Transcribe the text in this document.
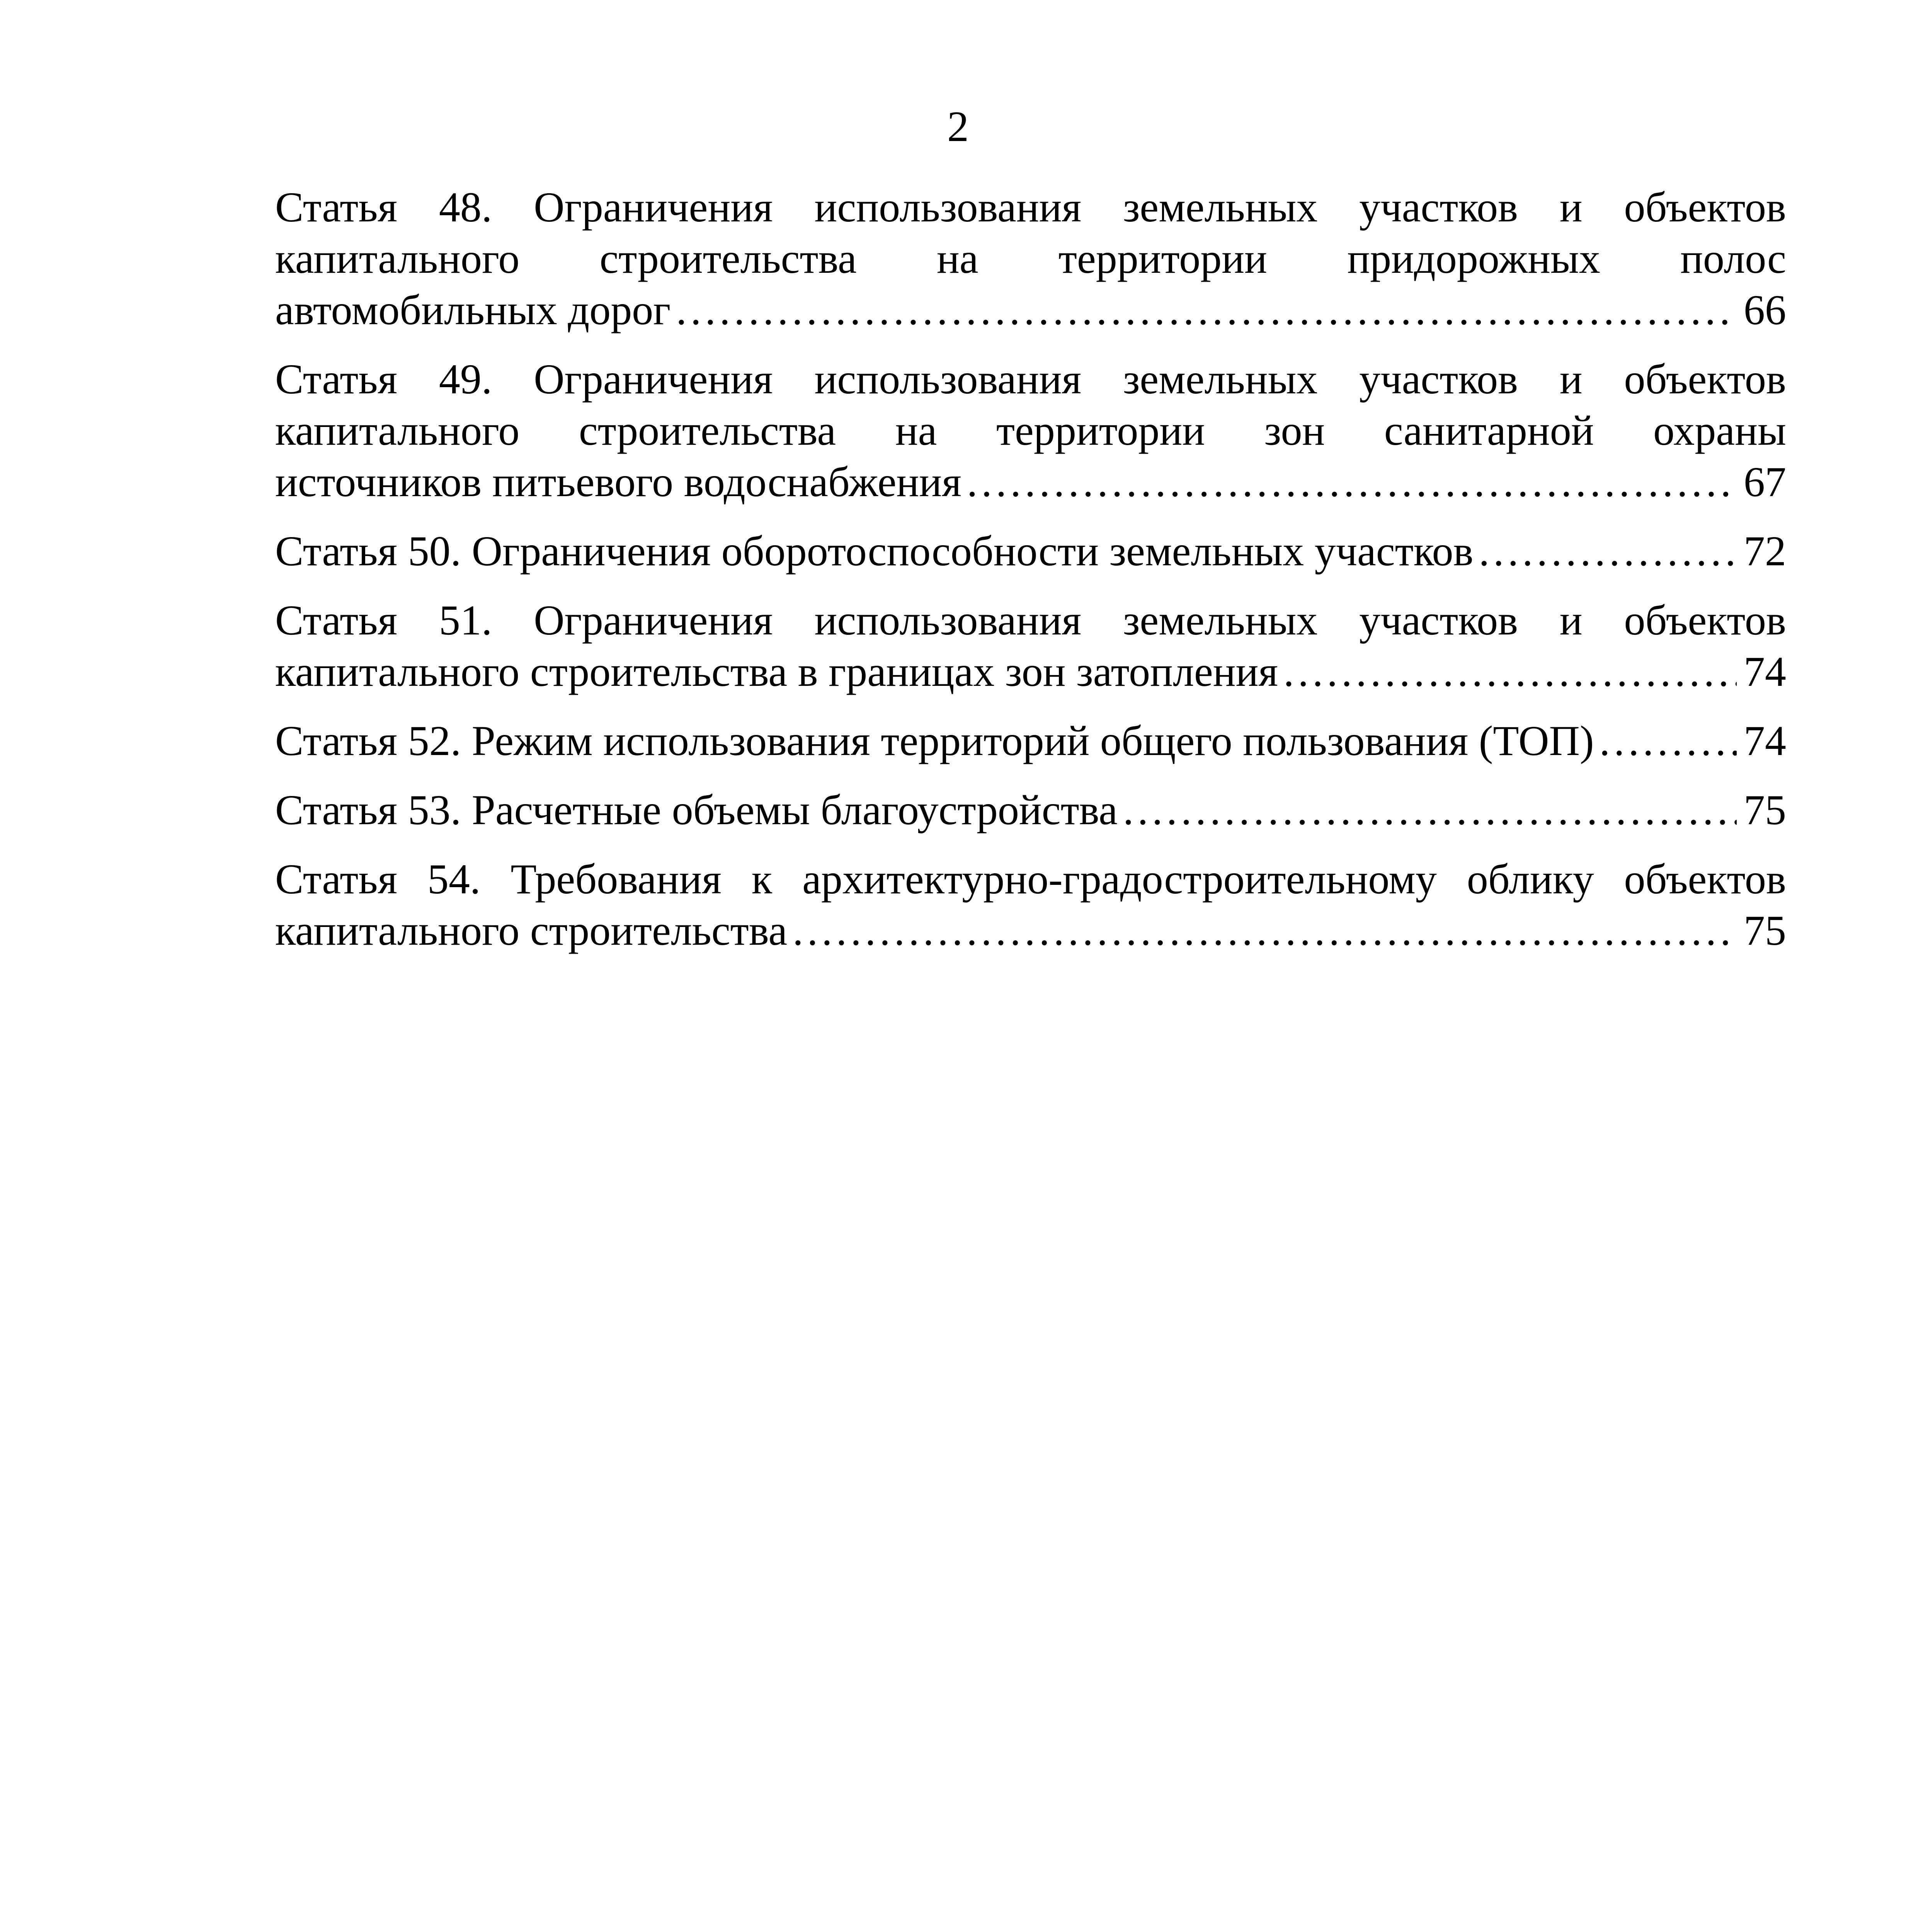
2
Статья 48. Ограничения использования земельных участков и объектов
капитального строительства на территории придорожных полос
автомобильных дорог .....	66
Статья 49. Ограничения использования земельных участков и объектов
капитального строительства на территории зон санитарной охраны
источников питьевого водоснабжения .....	67
Статья 50. Ограничения оборотоспособности земельных участков .....	72
Статья 51. Ограничения использования земельных участков и объектов
капитального строительства в границах зон затопления .....	74
Статья 52. Режим использования территорий общего пользования (ТОП) .....	74
Статья 53. Расчетные объемы благоустройства .....	75
Статья 54. Требования к архитектурно-градостроительному облику объектов
капитального строительства .....	75
